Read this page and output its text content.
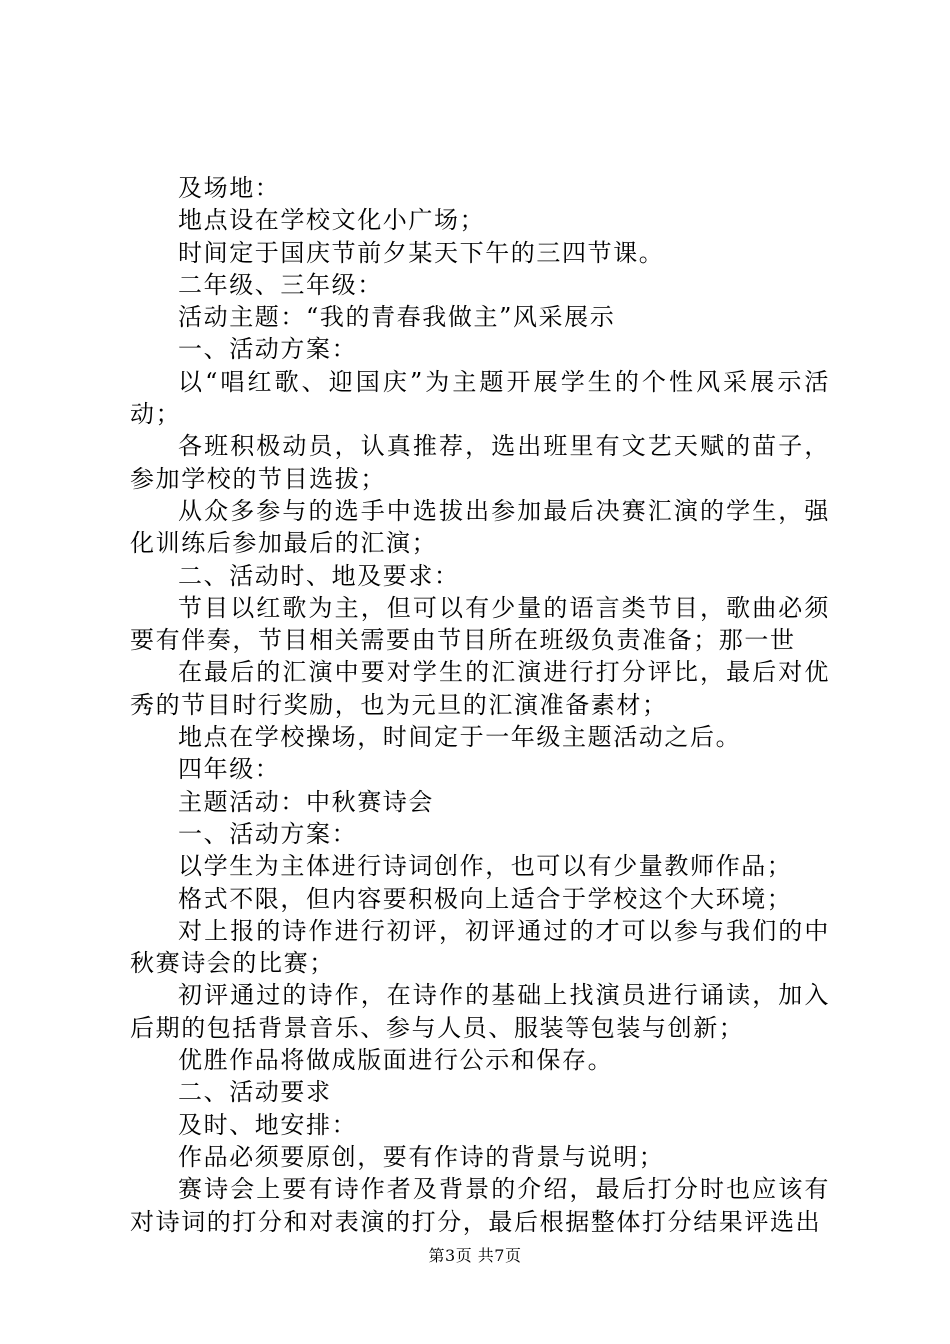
及场地：

地点设在学校文化小广场；

时间定于国庆节前夕某天下午的三四节课。

二年级、三年级：

活动主题：“我的青春我做主”风采展示

一、活动方案：

以“唱红歌、迎国庆”为主题开展学生的个性风采展示活动；

各班积极动员，认真推荐，选出班里有文艺天赋的苗子，参加学校的节目选拔；

从众多参与的选手中选拔出参加最后决赛汇演的学生，强化训练后参加最后的汇演；

二、活动时、地及要求：

节目以红歌为主，但可以有少量的语言类节目，歌曲必须要有伴奏，节目相关需要由节目所在班级负责准备；那一世

在最后的汇演中要对学生的汇演进行打分评比，最后对优秀的节目时行奖励，也为元旦的汇演准备素材；

地点在学校操场，时间定于一年级主题活动之后。

四年级：

主题活动：中秋赛诗会

一、活动方案：

以学生为主体进行诗词创作，也可以有少量教师作品；

格式不限，但内容要积极向上适合于学校这个大环境；

对上报的诗作进行初评，初评通过的才可以参与我们的中秋赛诗会的比赛；

初评通过的诗作，在诗作的基础上找演员进行诵读，加入后期的包括背景音乐、参与人员、服装等包装与创新；

优胜作品将做成版面进行公示和保存。

二、活动要求

及时、地安排：

作品必须要原创，要有作诗的背景与说明；

赛诗会上要有诗作者及背景的介绍，最后打分时也应该有对诗词的打分和对表演的打分，最后根据整体打分结果评选出

第3页 共7页
